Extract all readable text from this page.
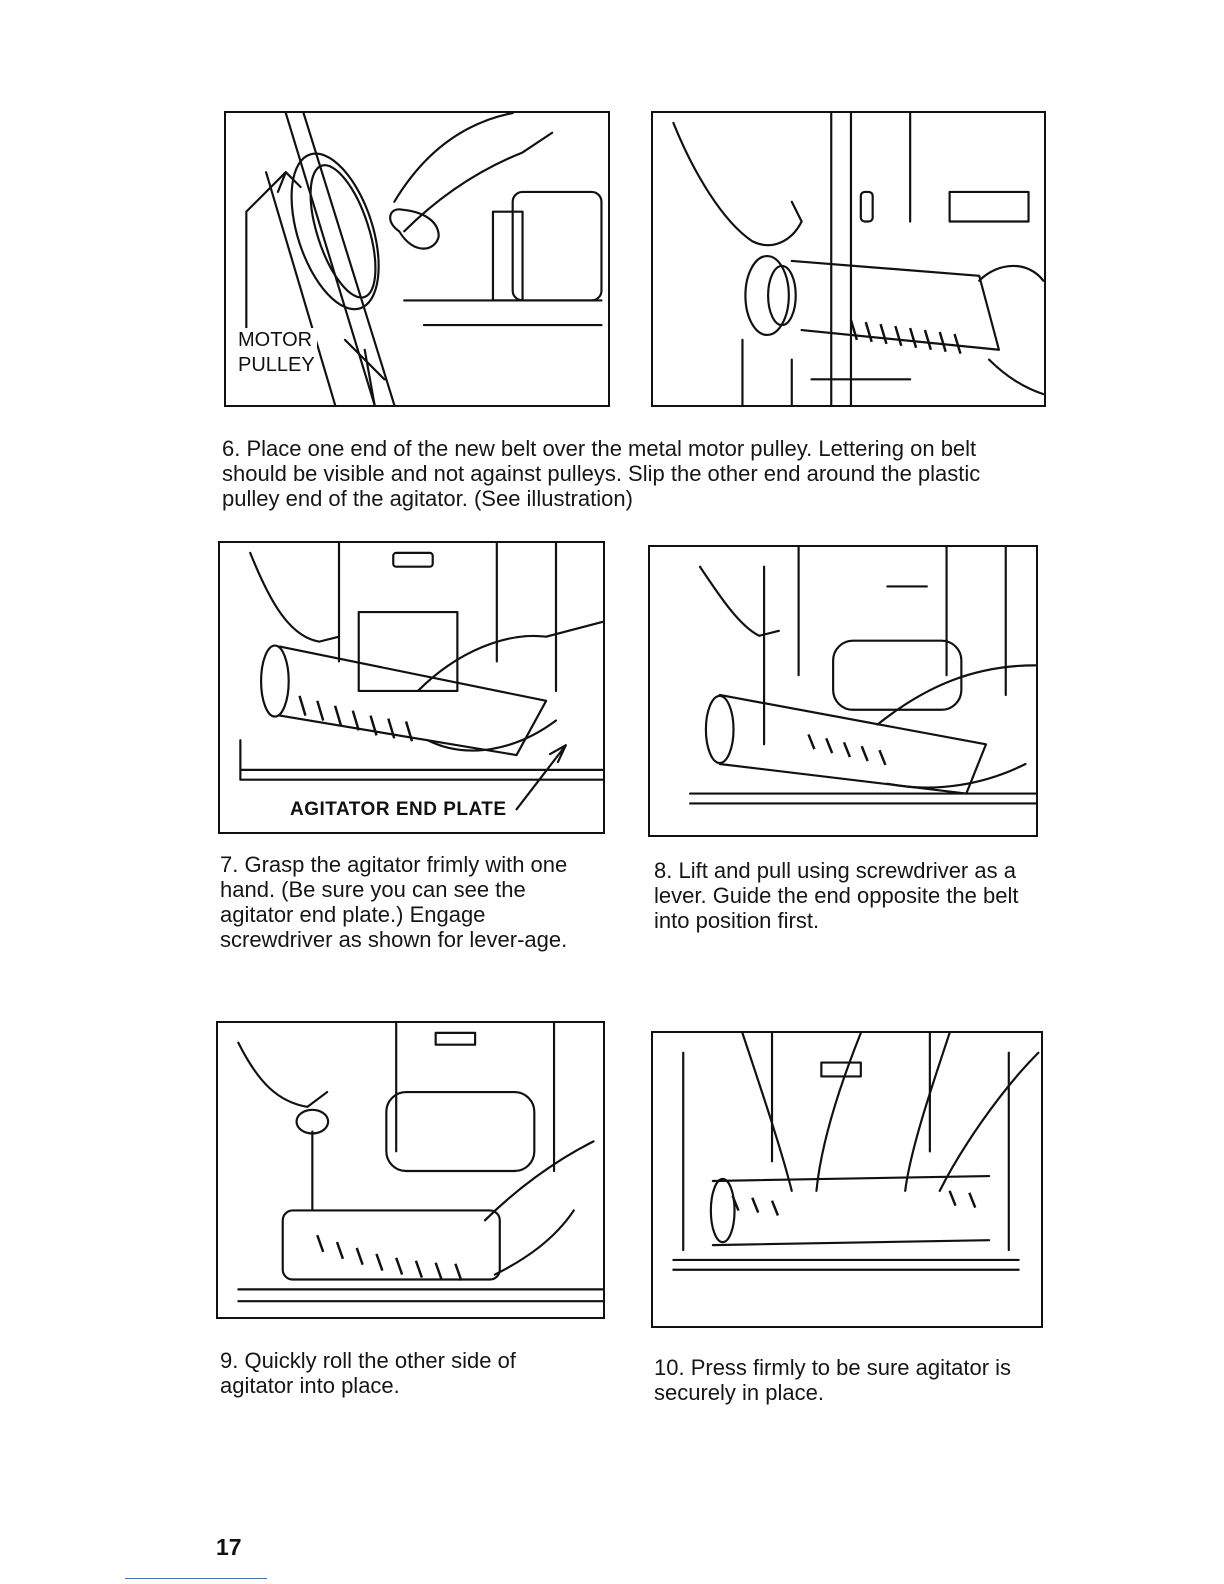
MOTOR
PULLEY

6. Place one end of the new belt over the metal motor pulley. Lettering on belt should be visible and not against pulleys. Slip the other end around the plastic pulley end of the agitator. (See illustration)

AGITATOR END PLATE

7. Grasp the agitator frimly with one hand. (Be sure you can see the agitator end plate.) Engage screwdriver as shown for lever-age.

8. Lift and pull using screwdriver as a lever. Guide the end opposite the belt into position first.

9. Quickly roll the other side of agitator into place.

10. Press firmly to be sure agitator is securely in place.

17
